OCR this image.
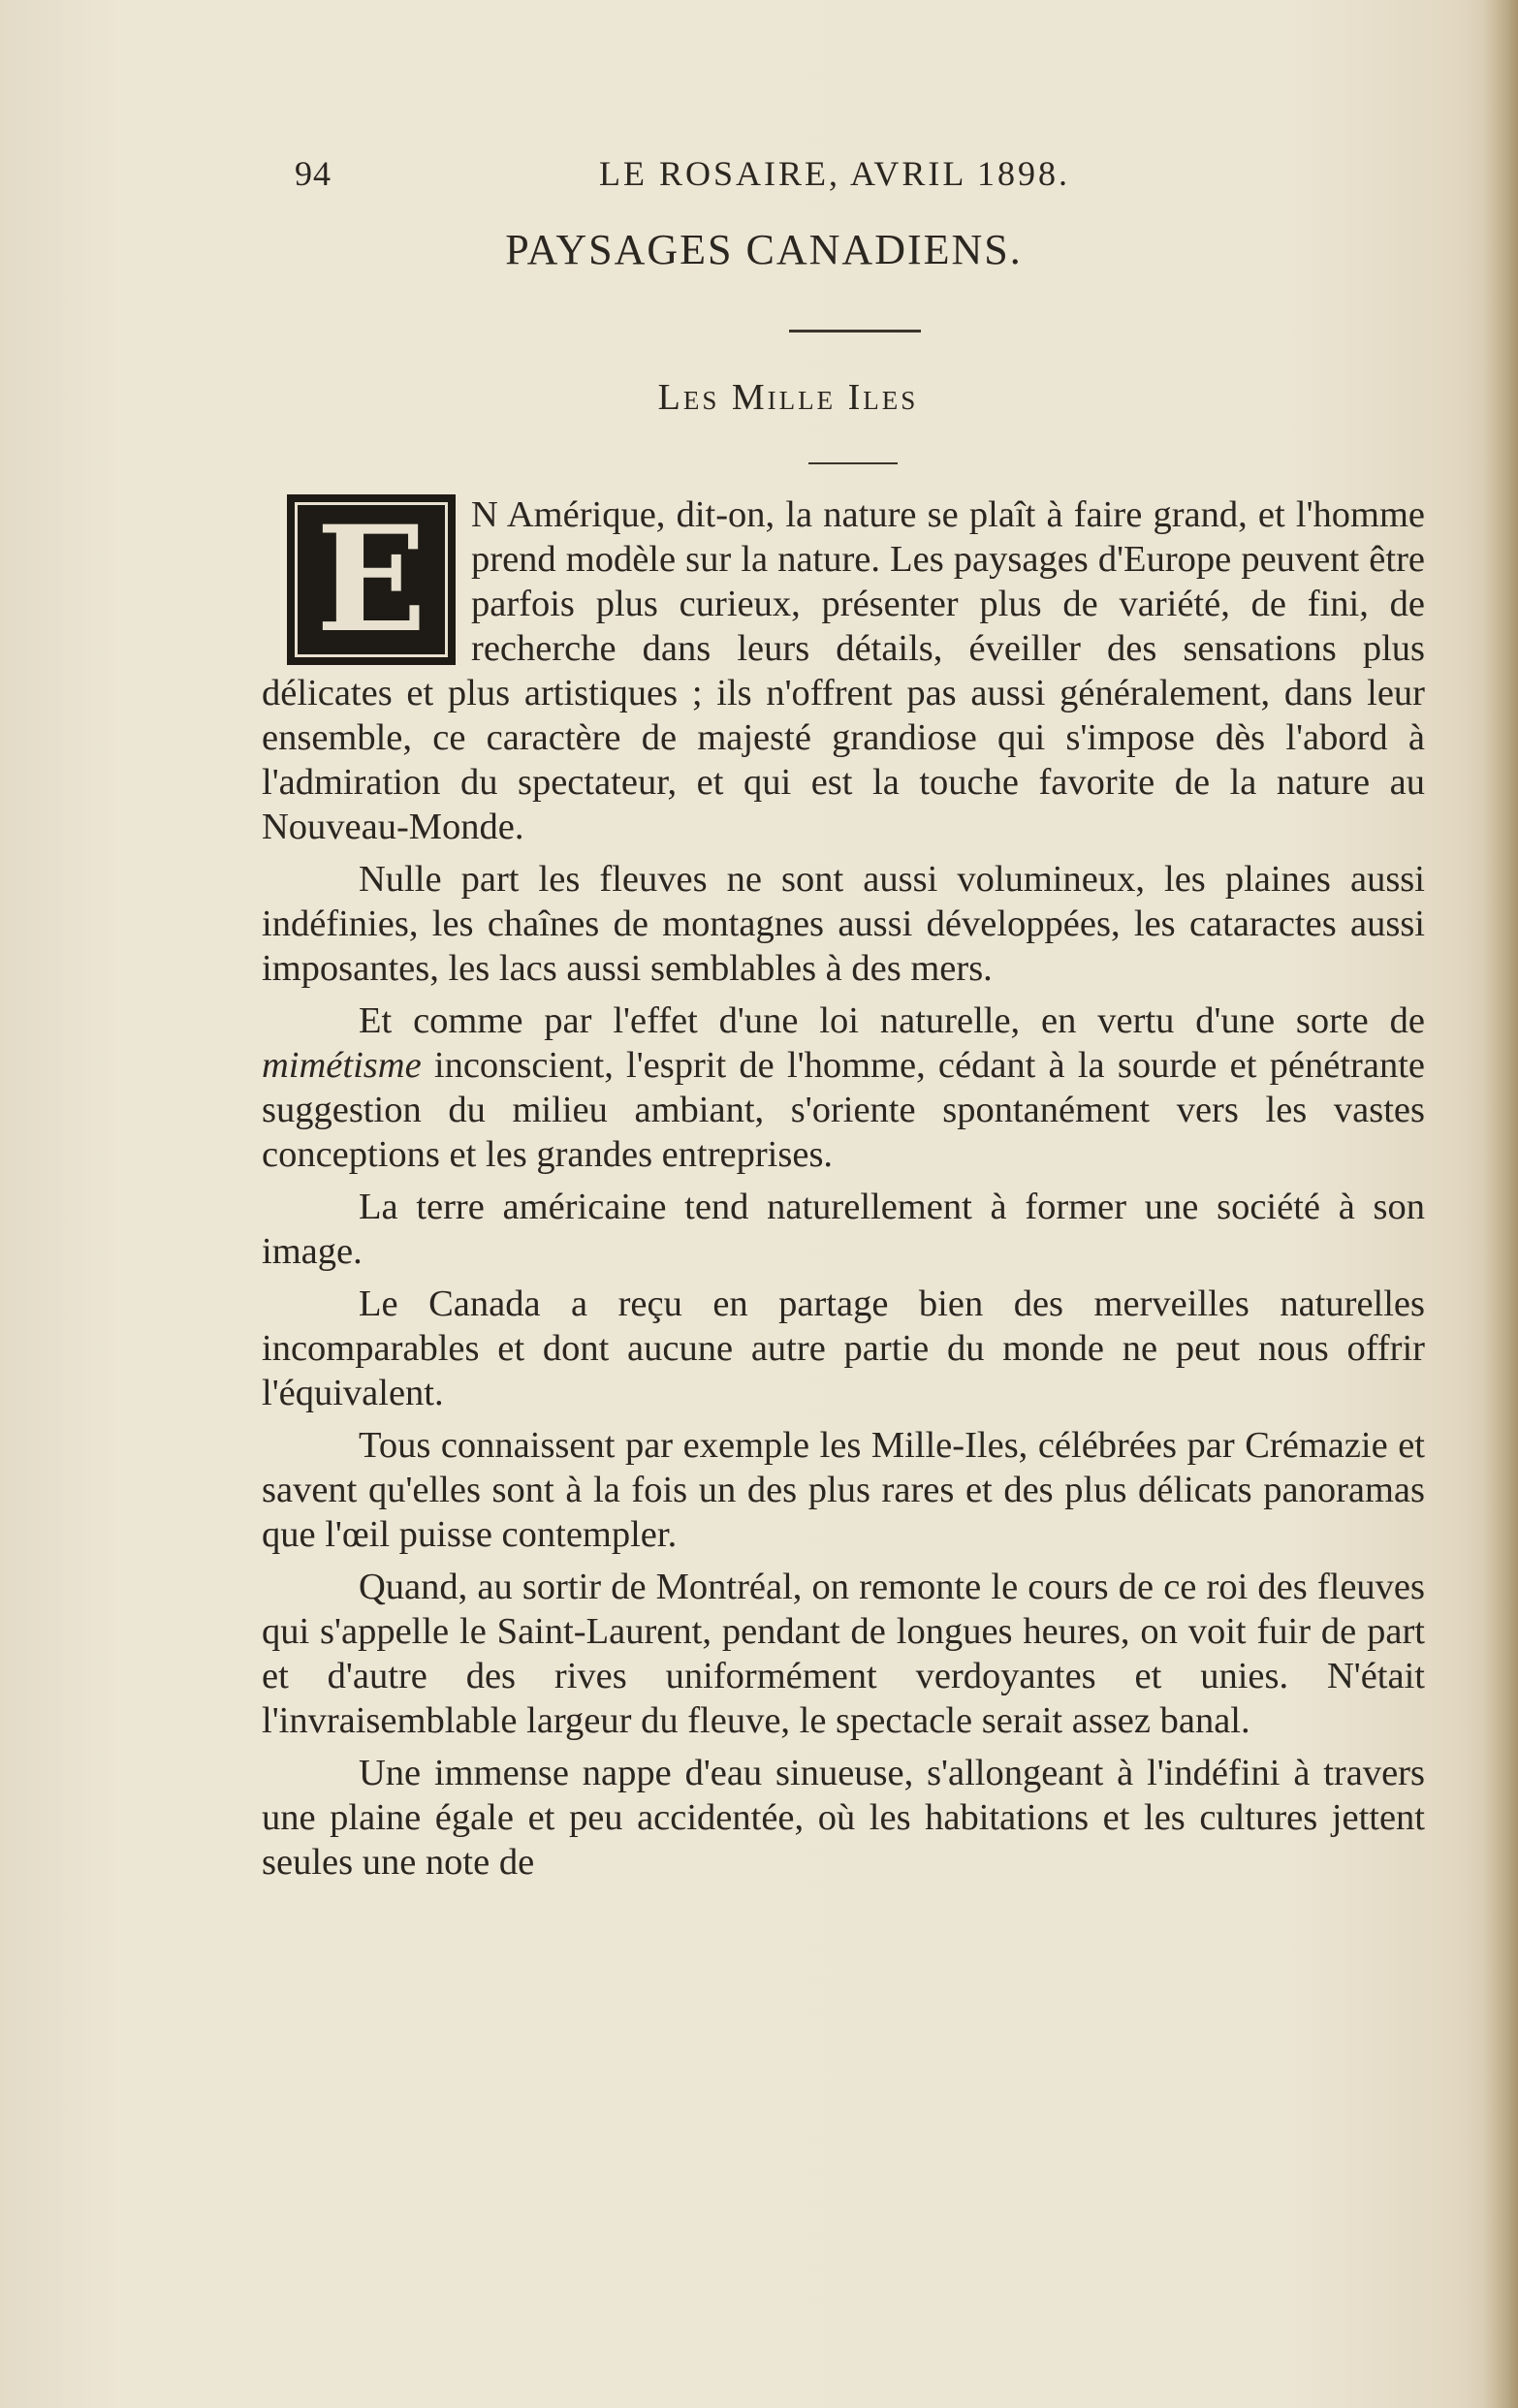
94	LE ROSAIRE, AVRIL 1898.
PAYSAGES CANADIENS.
Les Mille Iles
E	N Amérique, dit-on, la nature se plaît à faire grand, et l'homme prend modèle sur la nature. Les paysages d'Europe peuvent être parfois plus curieux, présenter plus de variété, de fini, de recherche dans leurs détails, éveiller des sensations plus délicates et plus artistiques ; ils n'offrent pas aussi généralement, dans leur ensemble, ce caractère de majesté grandiose qui s'impose dès l'abord à l'admiration du spectateur, et qui est la touche favorite de la nature au Nouveau-Monde.

Nulle part les fleuves ne sont aussi volumineux, les plaines aussi indéfinies, les chaînes de montagnes aussi développées, les cataractes aussi imposantes, les lacs aussi semblables à des mers.

Et comme par l'effet d'une loi naturelle, en vertu d'une sorte de mimétisme inconscient, l'esprit de l'homme, cédant à la sourde et pénétrante suggestion du milieu ambiant, s'oriente spontanément vers les vastes conceptions et les grandes entreprises.

La terre américaine tend naturellement à former une société à son image.

Le Canada a reçu en partage bien des merveilles naturelles incomparables et dont aucune autre partie du monde ne peut nous offrir l'équivalent.

Tous connaissent par exemple les Mille-Iles, célébrées par Crémazie et savent qu'elles sont à la fois un des plus rares et des plus délicats panoramas que l'œil puisse contempler.

Quand, au sortir de Montréal, on remonte le cours de ce roi des fleuves qui s'appelle le Saint-Laurent, pendant de longues heures, on voit fuir de part et d'autre des rives uniformément verdoyantes et unies. N'était l'invraisemblable largeur du fleuve, le spectacle serait assez banal.

Une immense nappe d'eau sinueuse, s'allongeant à l'indéfini à travers une plaine égale et peu accidentée, où les habitations et les cultures jettent seules une note de
